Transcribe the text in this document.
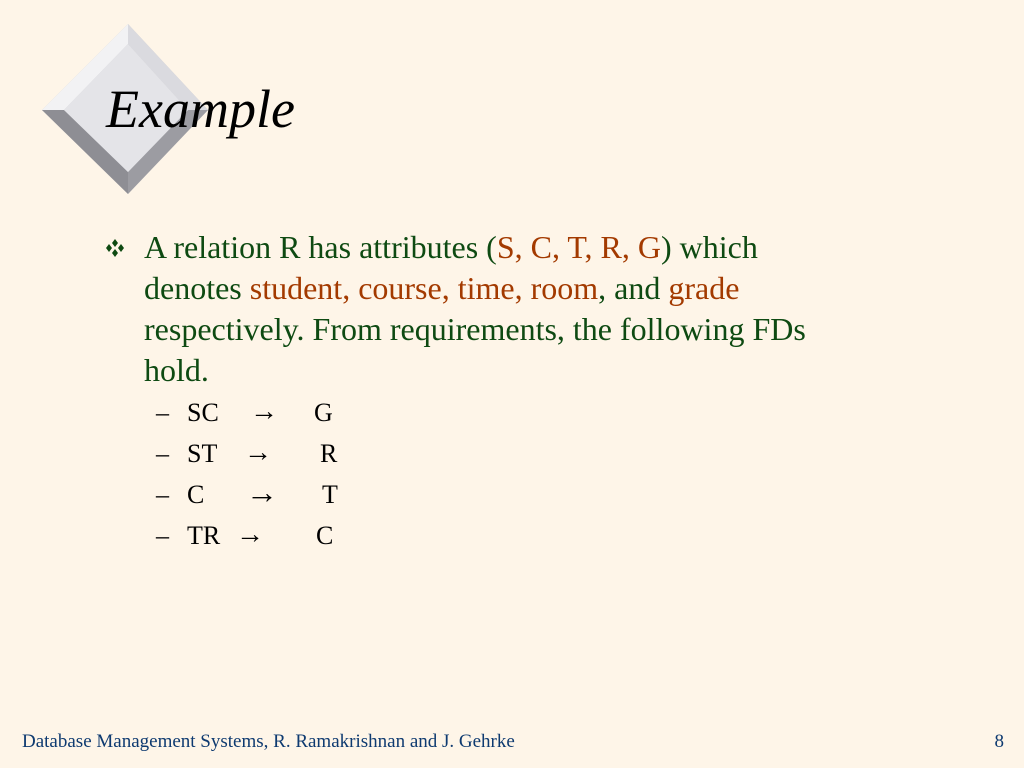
Example

A relation R has attributes (S, C, T, R, G) which
denotes student, course, time, room, and grade
respectively. From requirements, the following FDs
hold.

– SC → G
– ST → R
– C → T
– TR → C
Database Management Systems, R. Ramakrishnan and J. Gehrke	8
